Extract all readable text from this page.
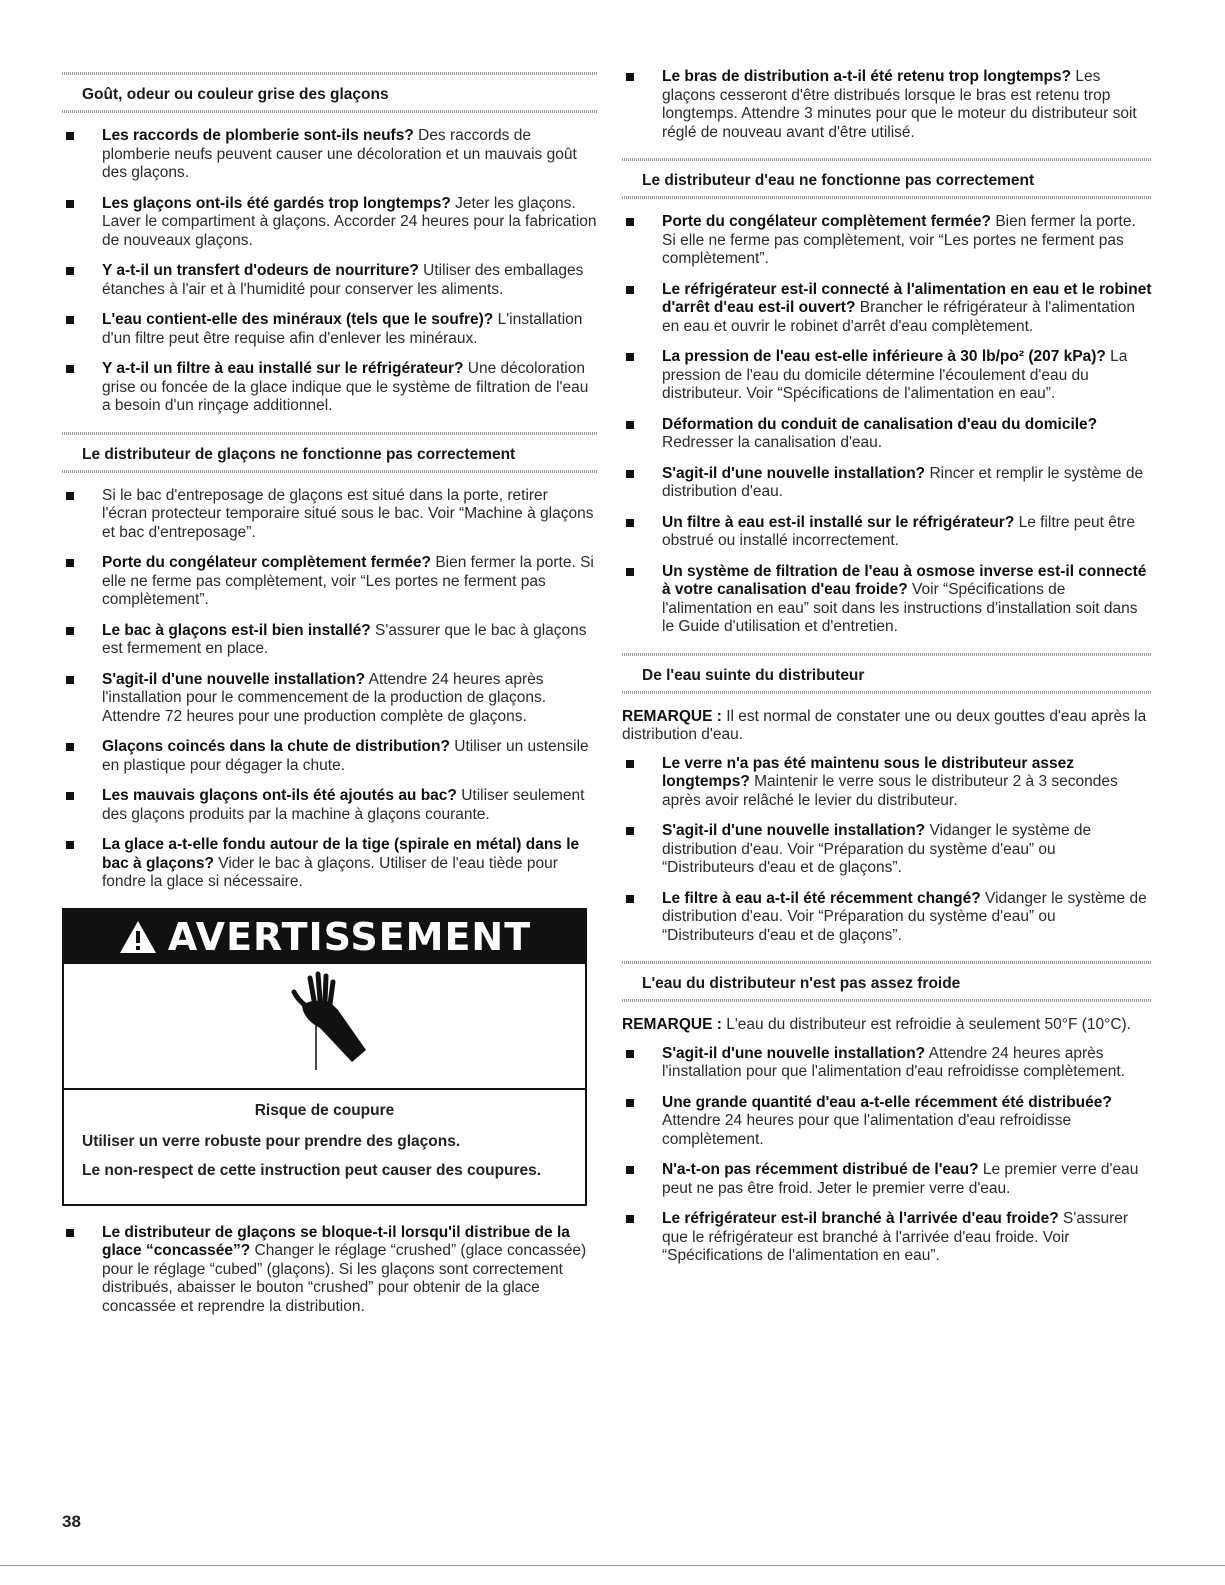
Goût, odeur ou couleur grise des glaçons
Les raccords de plomberie sont-ils neufs? Des raccords de plomberie neufs peuvent causer une décoloration et un mauvais goût des glaçons.
Les glaçons ont-ils été gardés trop longtemps? Jeter les glaçons. Laver le compartiment à glaçons. Accorder 24 heures pour la fabrication de nouveaux glaçons.
Y a-t-il un transfert d'odeurs de nourriture? Utiliser des emballages étanches à l'air et à l'humidité pour conserver les aliments.
L'eau contient-elle des minéraux (tels que le soufre)? L'installation d'un filtre peut être requise afin d'enlever les minéraux.
Y a-t-il un filtre à eau installé sur le réfrigérateur? Une décoloration grise ou foncée de la glace indique que le système de filtration de l'eau a besoin d'un rinçage additionnel.
Le distributeur de glaçons ne fonctionne pas correctement
Si le bac d'entreposage de glaçons est situé dans la porte, retirer l'écran protecteur temporaire situé sous le bac. Voir “Machine à glaçons et bac d'entreposage”.
Porte du congélateur complètement fermée? Bien fermer la porte. Si elle ne ferme pas complètement, voir “Les portes ne ferment pas complètement”.
Le bac à glaçons est-il bien installé? S'assurer que le bac à glaçons est fermement en place.
S'agit-il d'une nouvelle installation? Attendre 24 heures après l'installation pour le commencement de la production de glaçons. Attendre 72 heures pour une production complète de glaçons.
Glaçons coincés dans la chute de distribution? Utiliser un ustensile en plastique pour dégager la chute.
Les mauvais glaçons ont-ils été ajoutés au bac? Utiliser seulement des glaçons produits par la machine à glaçons courante.
La glace a-t-elle fondu autour de la tige (spirale en métal) dans le bac à glaçons? Vider le bac à glaçons. Utiliser de l'eau tiède pour fondre la glace si nécessaire.
AVERTISSEMENT
Risque de coupure
Utiliser un verre robuste pour prendre des glaçons.
Le non-respect de cette instruction peut causer des coupures.
Le distributeur de glaçons se bloque-t-il lorsqu'il distribue de la glace “concassée”? Changer le réglage “crushed” (glace concassée) pour le réglage “cubed” (glaçons). Si les glaçons sont correctement distribués, abaisser le bouton “crushed” pour obtenir de la glace concassée et reprendre la distribution.
Le bras de distribution a-t-il été retenu trop longtemps? Les glaçons cesseront d'être distribués lorsque le bras est retenu trop longtemps. Attendre 3 minutes pour que le moteur du distributeur soit réglé de nouveau avant d'être utilisé.
Le distributeur d'eau ne fonctionne pas correctement
Porte du congélateur complètement fermée? Bien fermer la porte. Si elle ne ferme pas complètement, voir “Les portes ne ferment pas complètement”.
Le réfrigérateur est-il connecté à l'alimentation en eau et le robinet d'arrêt d'eau est-il ouvert? Brancher le réfrigérateur à l'alimentation en eau et ouvrir le robinet d'arrêt d'eau complètement.
La pression de l'eau est-elle inférieure à 30 lb/po² (207 kPa)? La pression de l'eau du domicile détermine l'écoulement d'eau du distributeur. Voir “Spécifications de l'alimentation en eau”.
Déformation du conduit de canalisation d'eau du domicile? Redresser la canalisation d'eau.
S'agit-il d'une nouvelle installation? Rincer et remplir le système de distribution d'eau.
Un filtre à eau est-il installé sur le réfrigérateur? Le filtre peut être obstrué ou installé incorrectement.
Un système de filtration de l'eau à osmose inverse est-il connecté à votre canalisation d'eau froide? Voir “Spécifications de l'alimentation en eau” soit dans les instructions d'installation soit dans le Guide d'utilisation et d'entretien.
De l'eau suinte du distributeur

REMARQUE : Il est normal de constater une ou deux gouttes d'eau après la distribution d'eau.

Le verre n'a pas été maintenu sous le distributeur assez longtemps? Maintenir le verre sous le distributeur 2 à 3 secondes après avoir relâché le levier du distributeur.
S'agit-il d'une nouvelle installation? Vidanger le système de distribution d'eau. Voir “Préparation du système d'eau” ou “Distributeurs d'eau et de glaçons”.
Le filtre à eau a-t-il été récemment changé? Vidanger le système de distribution d'eau. Voir “Préparation du système d'eau” ou “Distributeurs d'eau et de glaçons”.
L'eau du distributeur n'est pas assez froide

REMARQUE : L'eau du distributeur est refroidie à seulement 50°F (10°C).

S'agit-il d'une nouvelle installation? Attendre 24 heures après l'installation pour que l'alimentation d'eau refroidisse complètement.
Une grande quantité d'eau a-t-elle récemment été distribuée? Attendre 24 heures pour que l'alimentation d'eau refroidisse complètement.
N'a-t-on pas récemment distribué de l'eau? Le premier verre d'eau peut ne pas être froid. Jeter le premier verre d'eau.
Le réfrigérateur est-il branché à l'arrivée d'eau froide? S'assurer que le réfrigérateur est branché à l'arrivée d'eau froide. Voir “Spécifications de l'alimentation en eau”.
38
